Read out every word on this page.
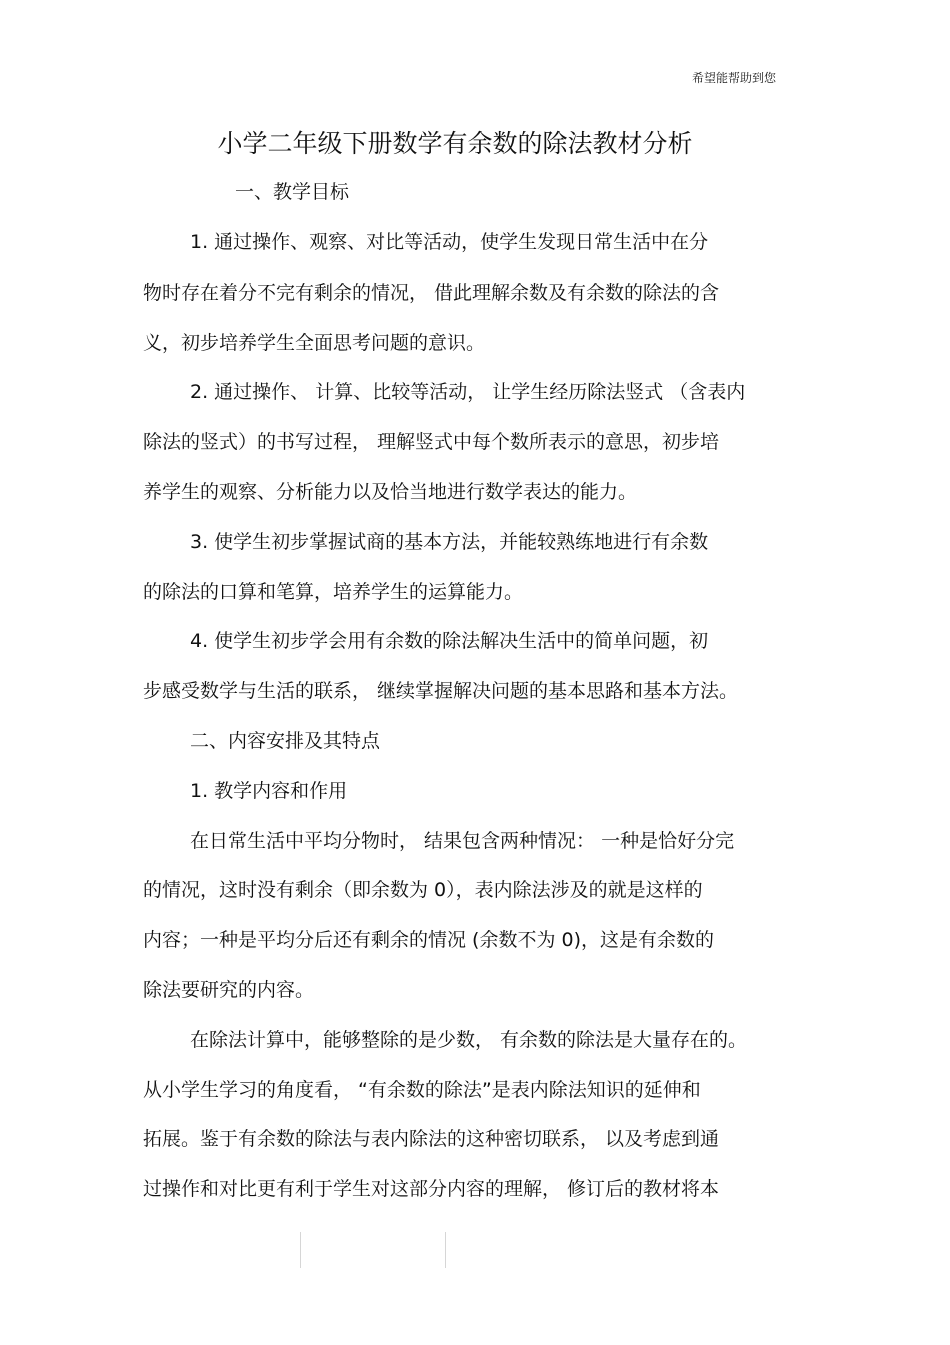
希望能帮助到您
小学二年级下册数学有余数的除法教材分析
一、教学目标
1. 通过操作、观察、对比等活动，使学生发现日常生活中在分
物时存在着分不完有剩余的情况， 借此理解余数及有余数的除法的含
义，初步培养学生全面思考问题的意识。
2. 通过操作、 计算、比较等活动， 让学生经历除法竖式 （含表内
除法的竖式）的书写过程， 理解竖式中每个数所表示的意思，初步培
养学生的观察、分析能力以及恰当地进行数学表达的能力。
3. 使学生初步掌握试商的基本方法，并能较熟练地进行有余数
的除法的口算和笔算，培养学生的运算能力。
4. 使学生初步学会用有余数的除法解决生活中的简单问题，初
步感受数学与生活的联系， 继续掌握解决问题的基本思路和基本方法。
二、内容安排及其特点
1. 教学内容和作用
在日常生活中平均分物时， 结果包含两种情况： 一种是恰好分完
的情况，这时没有剩余（即余数为 0），表内除法涉及的就是这样的
内容；一种是平均分后还有剩余的情况 (余数不为 0)，这是有余数的
除法要研究的内容。
在除法计算中，能够整除的是少数， 有余数的除法是大量存在的。
从小学生学习的角度看， “有余数的除法”是表内除法知识的延伸和
拓展。鉴于有余数的除法与表内除法的这种密切联系， 以及考虑到通
过操作和对比更有利于学生对这部分内容的理解， 修订后的教材将本
